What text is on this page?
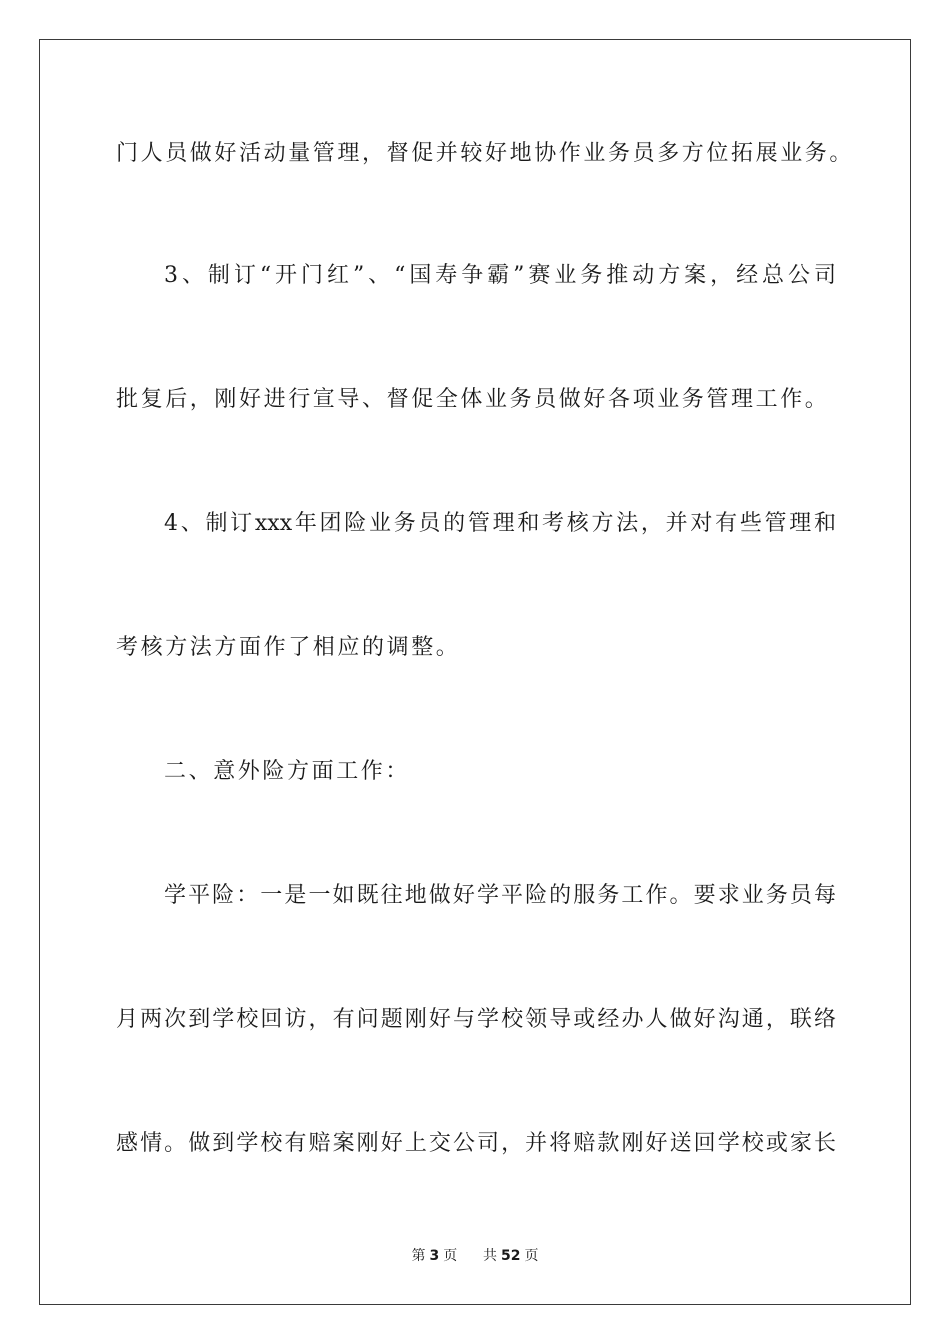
门人员做好活动量管理，督促并较好地协作业务员多方位拓展业务。
3、制订“开门红”、“国寿争霸”赛业务推动方案，经总公司
批复后，刚好进行宣导、督促全体业务员做好各项业务管理工作。
4、制订xxx年团险业务员的管理和考核方法，并对有些管理和
考核方法方面作了相应的调整。
二、意外险方面工作：
学平险：一是一如既往地做好学平险的服务工作。要求业务员每
月两次到学校回访，有问题刚好与学校领导或经办人做好沟通，联络
感情。做到学校有赔案刚好上交公司，并将赔款刚好送回学校或家长
第 3 页 共 52 页
